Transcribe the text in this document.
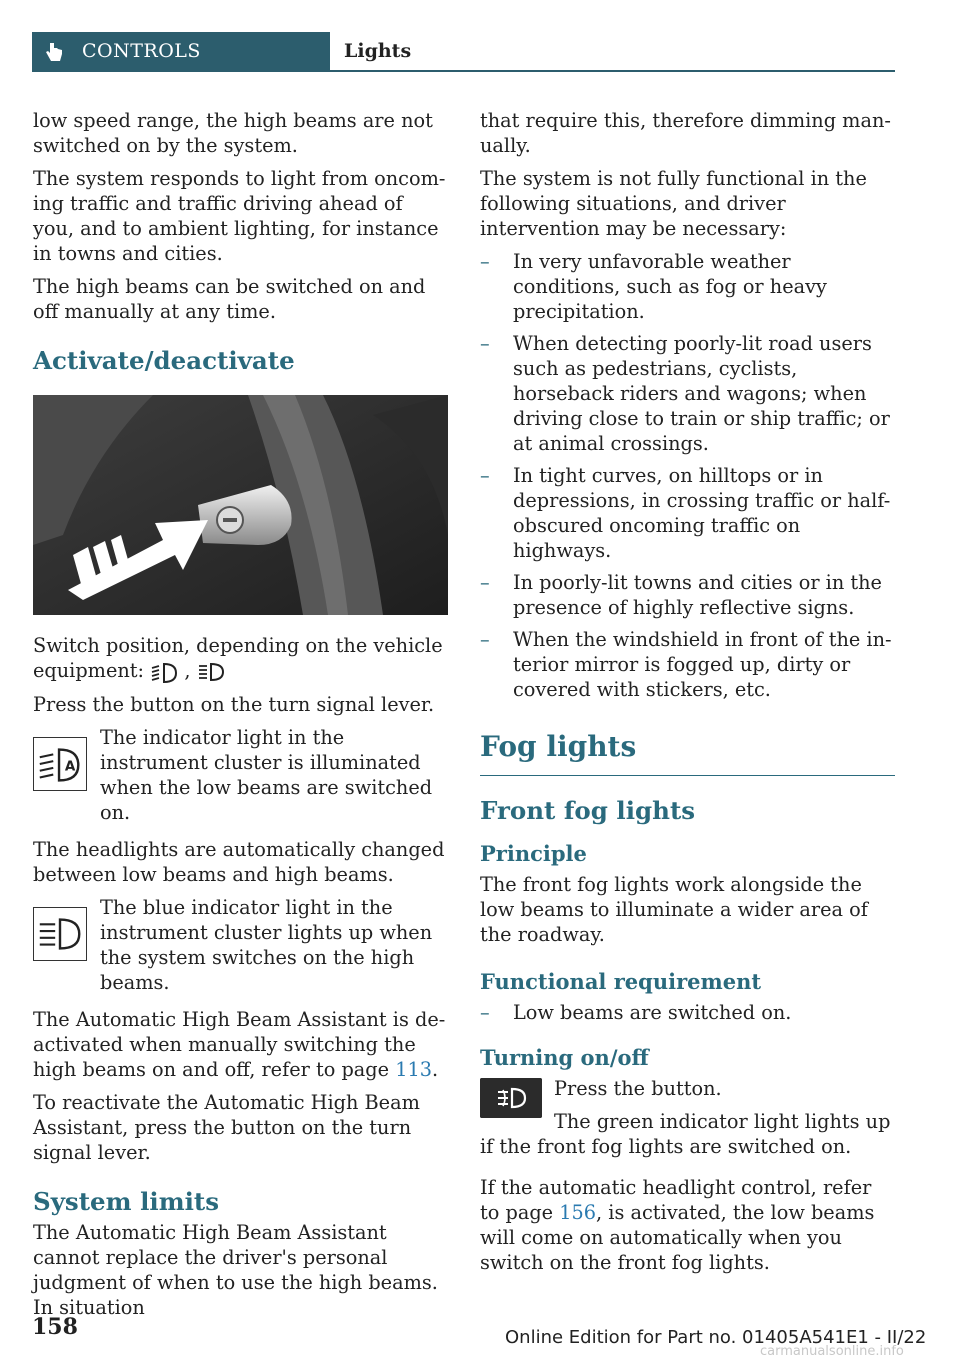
CONTROLS	Lights

low speed range, the high beams are not switched on by the system.

The system responds to light from oncoming traffic and traffic driving ahead of you, and to ambient lighting, for instance in towns and cities.

The high beams can be switched on and off manually at any time.

Activate/deactivate

Switch position, depending on the vehicle equipment: ,

Press the button on the turn signal lever.

A

The indicator light in the instrument cluster is illuminated when the low beams are switched on.

The headlights are automatically changed between low beams and high beams.

The blue indicator light in the instrument cluster lights up when the system switches on the high beams.

The Automatic High Beam Assistant is deactivated when manually switching the high beams on and off, refer to page 113.

To reactivate the Automatic High Beam Assistant, press the button on the turn signal lever.

System limits

The Automatic High Beam Assistant cannot replace the driver's personal judgment of when to use the high beams. In situation

that require this, therefore dimming manually.

The system is not fully functional in the following situations, and driver intervention may be necessary:

– In very unfavorable weather conditions, such as fog or heavy precipitation.
– When detecting poorly-lit road users such as pedestrians, cyclists, horseback riders and wagons; when driving close to train or ship traffic; or at animal crossings.
– In tight curves, on hilltops or in depressions, in crossing traffic or half-obscured oncoming traffic on highways.
– In poorly-lit towns and cities or in the presence of highly reflective signs.
– When the windshield in front of the interior mirror is fogged up, dirty or covered with stickers, etc.
Fog lights
Front fog lights
Principle

The front fog lights work alongside the low beams to illuminate a wider area of the roadway.

Functional requirement
– Low beams are switched on.
Turning on/off

Press the button.

The green indicator light lights up if the front fog lights are switched on.

If the automatic headlight control, refer to page 156, is activated, the low beams will come on automatically when you switch on the front fog lights.

158	Online Edition for Part no. 01405A541E1 - II/22
carmanualsonline.info
